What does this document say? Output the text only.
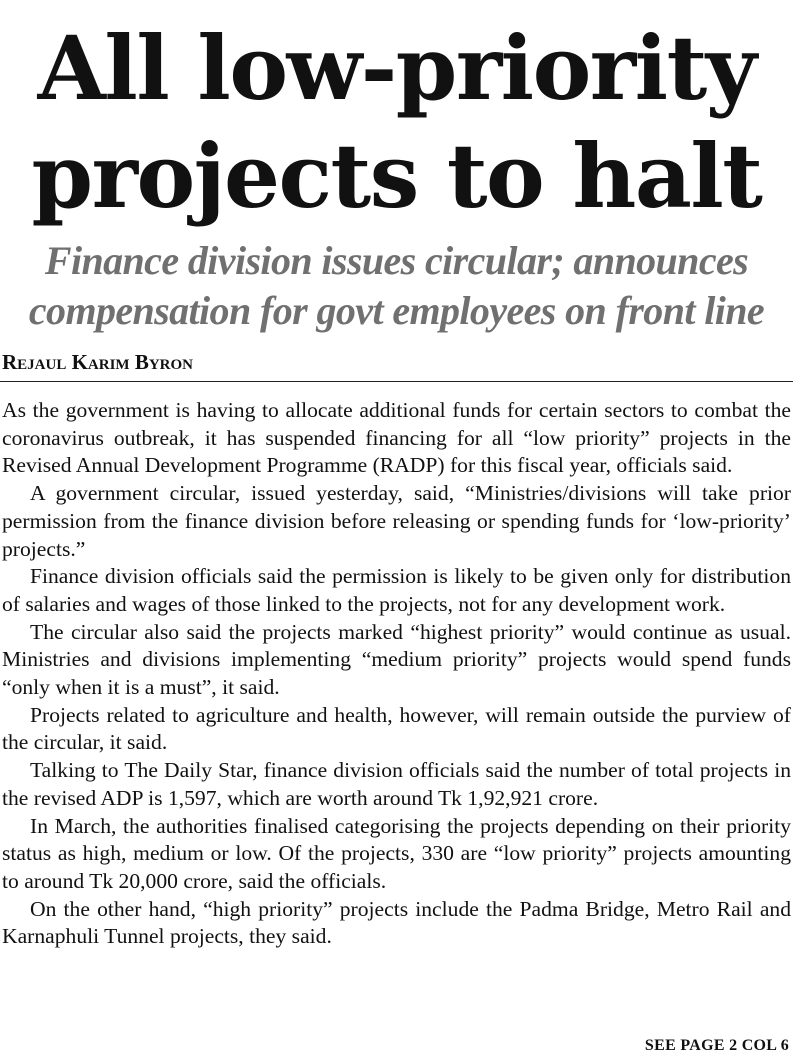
All low-priority
projects to halt
Finance division issues circular; announces
compensation for govt employees on front line
Rejaul Karim Byron

As the government is having to allocate additional funds for certain sectors to combat the coronavirus outbreak, it has suspended financing for all “low priority” projects in the Revised Annual Development Programme (RADP) for this fiscal year, officials said.

A government circular, issued yesterday, said, “Ministries/divisions will take prior permission from the finance division before releasing or spending funds for ‘low-priority’ projects.”

Finance division officials said the permission is likely to be given only for distribution of salaries and wages of those linked to the projects, not for any development work.

The circular also said the projects marked “highest priority” would continue as usual. Ministries and divisions implementing “medium priority” projects would spend funds “only when it is a must”, it said.

Projects related to agriculture and health, however, will remain outside the purview of the circular, it said.

Talking to The Daily Star, finance division officials said the number of total projects in the revised ADP is 1,597, which are worth around Tk 1,92,921 crore.

In March, the authorities finalised categorising the projects depending on their priority status as high, medium or low. Of the projects, 330 are “low priority” projects amounting to around Tk 20,000 crore, said the officials.

On the other hand, “high priority” projects include the Padma Bridge, Metro Rail and Karnaphuli Tunnel projects, they said.

SEE PAGE 2 COL 6
